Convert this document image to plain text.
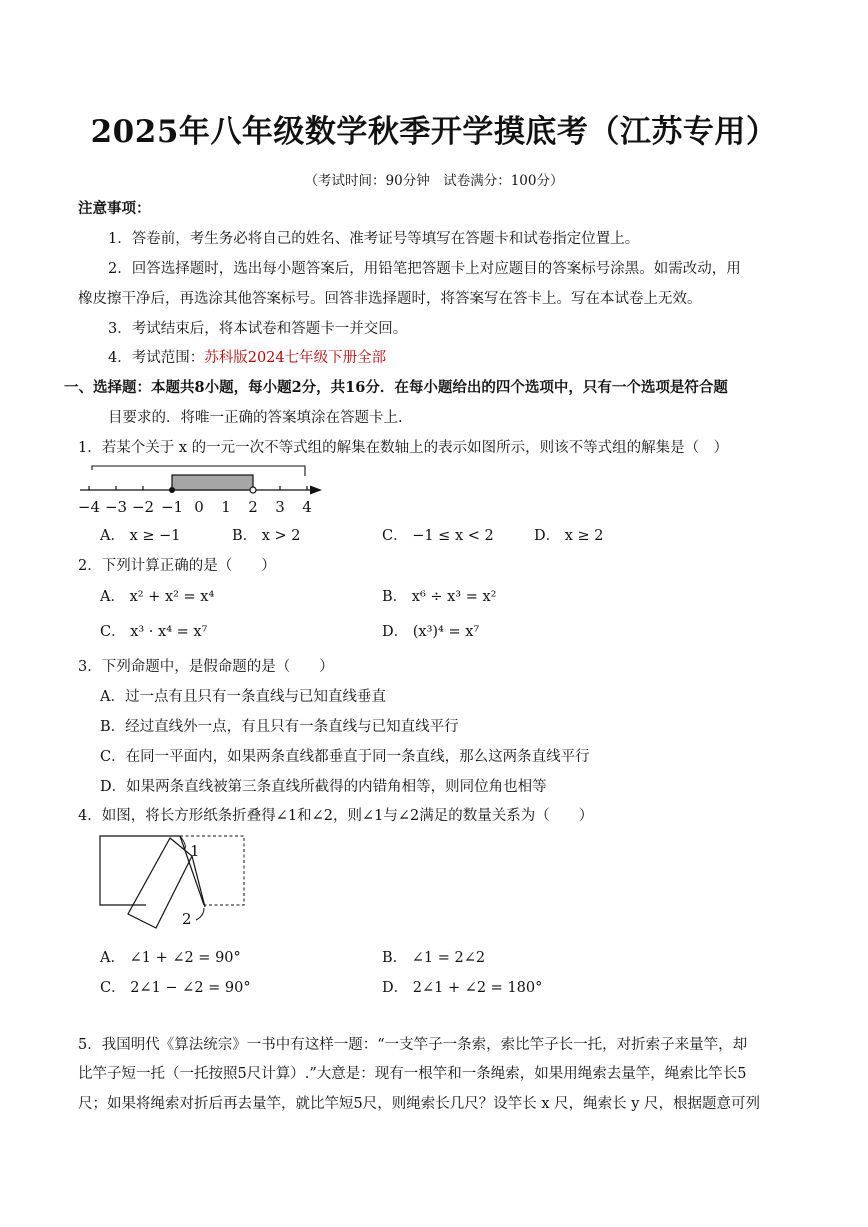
2025年八年级数学秋季开学摸底考（江苏专用）
（考试时间：90分钟　试卷满分：100分）
注意事项：
1．答卷前，考生务必将自己的姓名、准考证号等填写在答题卡和试卷指定位置上。
2．回答选择题时，选出每小题答案后，用铅笔把答题卡上对应题目的答案标号涂黑。如需改动，用
橡皮擦干净后，再选涂其他答案标号。回答非选择题时，将答案写在答卡上。写在本试卷上无效。
3．考试结束后，将本试卷和答题卡一并交回。
4．考试范围：苏科版2024七年级下册全部
一、选择题：本题共8小题，每小题2分，共16分．在每小题给出的四个选项中，只有一个选项是符合题
目要求的．将唯一正确的答案填涂在答题卡上.
1．若某个关于 x 的一元一次不等式组的解集在数轴上的表示如图所示，则该不等式组的解集是（　）
−4 −3 −2 −1 0 1 2 3 4
A． x ≥ −1	B． x > 2	C． −1 ≤ x < 2	D． x ≥ 2
2．下列计算正确的是（　　）
A． x² + x² = x⁴	B． x⁶ ÷ x³ = x²
C． x³ · x⁴ = x⁷	D． (x³)⁴ = x⁷
3．下列命题中，是假命题的是（　　）
A．过一点有且只有一条直线与已知直线垂直
B．经过直线外一点，有且只有一条直线与已知直线平行
C．在同一平面内，如果两条直线都垂直于同一条直线，那么这两条直线平行
D．如果两条直线被第三条直线所截得的内错角相等，则同位角也相等
4．如图，将长方形纸条折叠得∠1和∠2，则∠1与∠2满足的数量关系为（　　）
1
2
A． ∠1 + ∠2 = 90°	B． ∠1 = 2∠2
C． 2∠1 − ∠2 = 90°	D． 2∠1 + ∠2 = 180°
5．我国明代《算法统宗》一书中有这样一题：“一支竿子一条索，索比竿子长一托，对折索子来量竿，却
比竿子短一托（一托按照5尺计算）.”大意是：现有一根竿和一条绳索，如果用绳索去量竿，绳索比竿长5
尺；如果将绳索对折后再去量竿，就比竿短5尺，则绳索长几尺？设竿长 x 尺，绳索长 y 尺，根据题意可列
